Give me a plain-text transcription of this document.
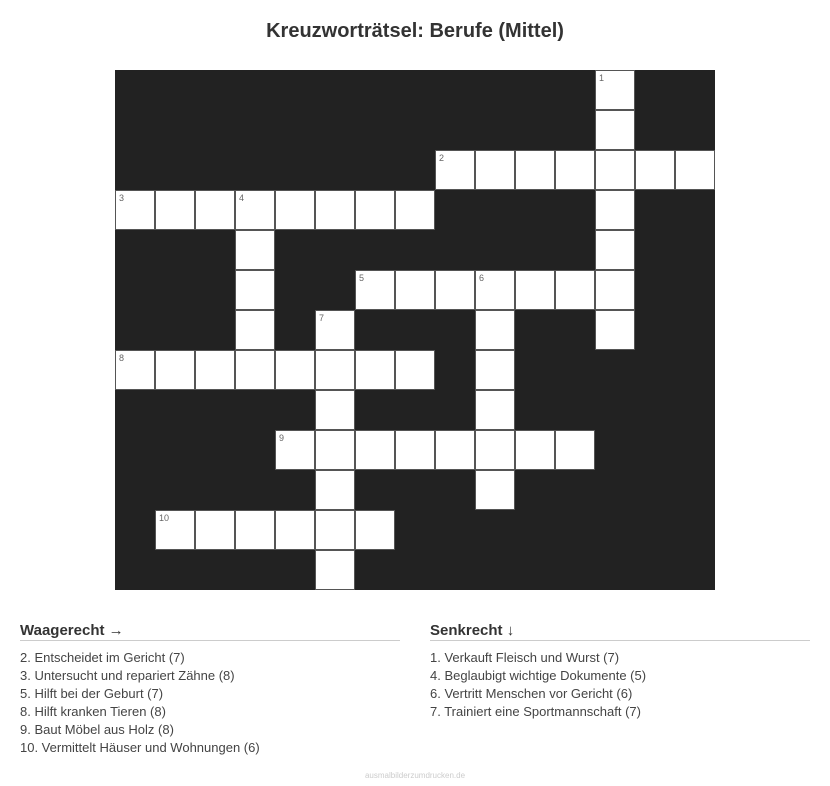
Kreuzworträtsel: Berufe (Mittel)
1
2
3	4
5	6
7
8
9
10
Waagerecht →
2. Entscheidet im Gericht (7)
3. Untersucht und repariert Zähne (8)
5. Hilft bei der Geburt (7)
8. Hilft kranken Tieren (8)
9. Baut Möbel aus Holz (8)
10. Vermittelt Häuser und Wohnungen (6)
Senkrecht ↓
1. Verkauft Fleisch und Wurst (7)
4. Beglaubigt wichtige Dokumente (5)
6. Vertritt Menschen vor Gericht (6)
7. Trainiert eine Sportmannschaft (7)
ausmalbilderzumdrucken.de
